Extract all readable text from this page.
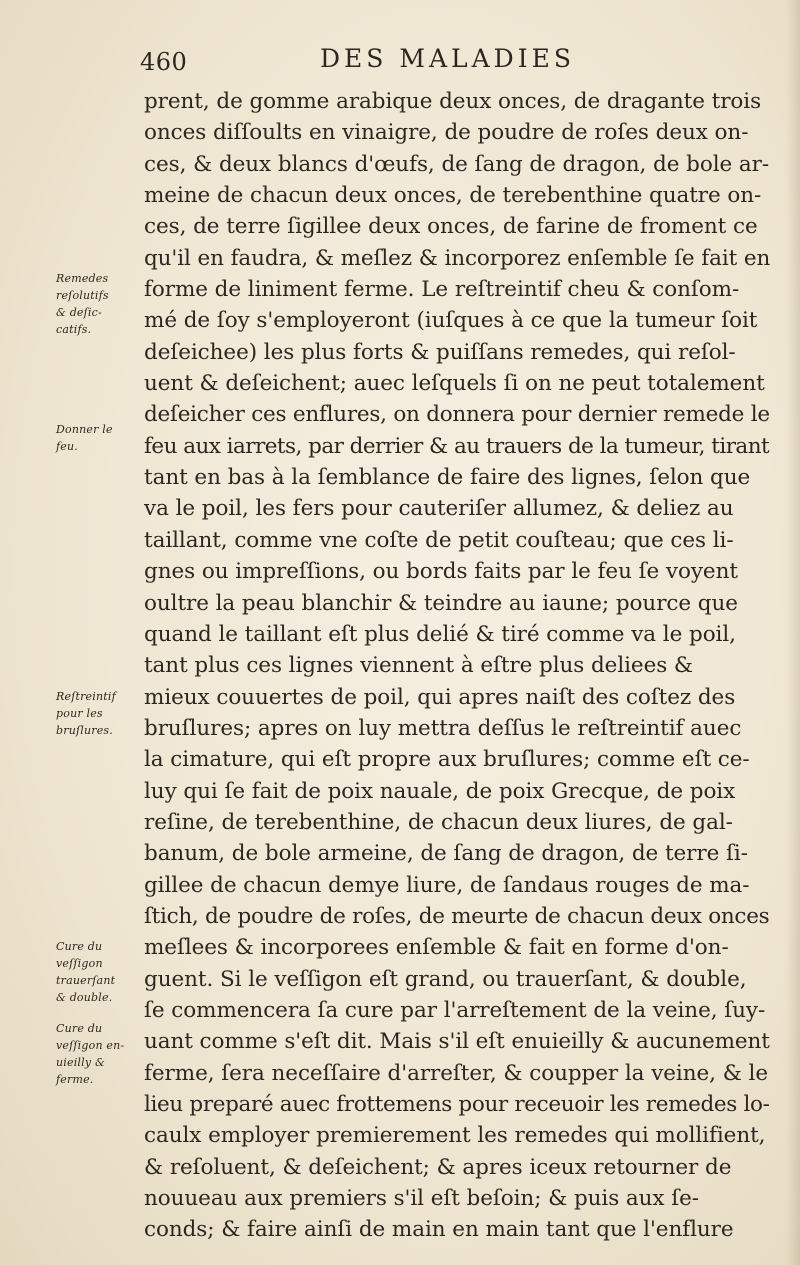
460	DES MALADIES
Remedes
reſolutifs
& deſic-
catifs.
Donner le
feu.
Reſtreintif
pour les
bruſlures.
Cure du
veſſigon
trauerſant
& double.
Cure du
veſſigon en-
uieilly &
ferme.
prent, de gomme arabique deux onces, de dragante trois
onces diſſoults en vinaigre, de poudre de roſes deux on-
ces, & deux blancs d'œufs, de ſang de dragon, de bole ar-
meine de chacun deux onces, de terebenthine quatre on-
ces, de terre ſigillee deux onces, de farine de froment ce
qu'il en faudra, & meſlez & incorporez enſemble ſe fait en
forme de liniment ferme. Le reſtreintif cheu & conſom-
mé de ſoy s'employeront (iuſques à ce que la tumeur ſoit
deſeichee) les plus forts & puiſſans remedes, qui reſol-
uent & deſeichent; auec leſquels ſi on ne peut totalement
deſeicher ces enflures, on donnera pour dernier remede le
feu aux iarrets, par derrier & au trauers de la tumeur, tirant
tant en bas à la ſemblance de faire des lignes, ſelon que
va le poil, les fers pour cauteriſer allumez, & deliez au
taillant, comme vne coſte de petit couſteau; que ces li-
gnes ou impreſſions, ou bords faits par le feu ſe voyent
oultre la peau blanchir & teindre au iaune; pource que
quand le taillant eſt plus delié & tiré comme va le poil,
tant plus ces lignes viennent à eſtre plus deliees &
mieux couuertes de poil, qui apres naiſt des coſtez des
bruſlures; apres on luy mettra deſſus le reſtreintif auec
la cimature, qui eſt propre aux bruſlures; comme eſt ce-
luy qui ſe fait de poix nauale, de poix Grecque, de poix
reſine, de terebenthine, de chacun deux liures, de gal-
banum, de bole armeine, de ſang de dragon, de terre ſi-
gillee de chacun demye liure, de ſandaus rouges de ma-
ſtich, de poudre de roſes, de meurte de chacun deux onces
meſlees & incorporees enſemble & fait en forme d'on-
guent. Si le veſſigon eſt grand, ou trauerſant, & double,
ſe commencera ſa cure par l'arreſtement de la veine, ſuy-
uant comme s'eſt dit. Mais s'il eſt enuieilly & aucunement
ferme, ſera neceſſaire d'arreſter, & coupper la veine, & le
lieu preparé auec frottemens pour receuoir les remedes lo-
caulx employer premierement les remedes qui mollifient,
& reſoluent, & deſeichent; & apres iceux retourner de
nouueau aux premiers s'il eſt beſoin; & puis aux ſe-
conds; & faire ainſi de main en main tant que l'enflure
